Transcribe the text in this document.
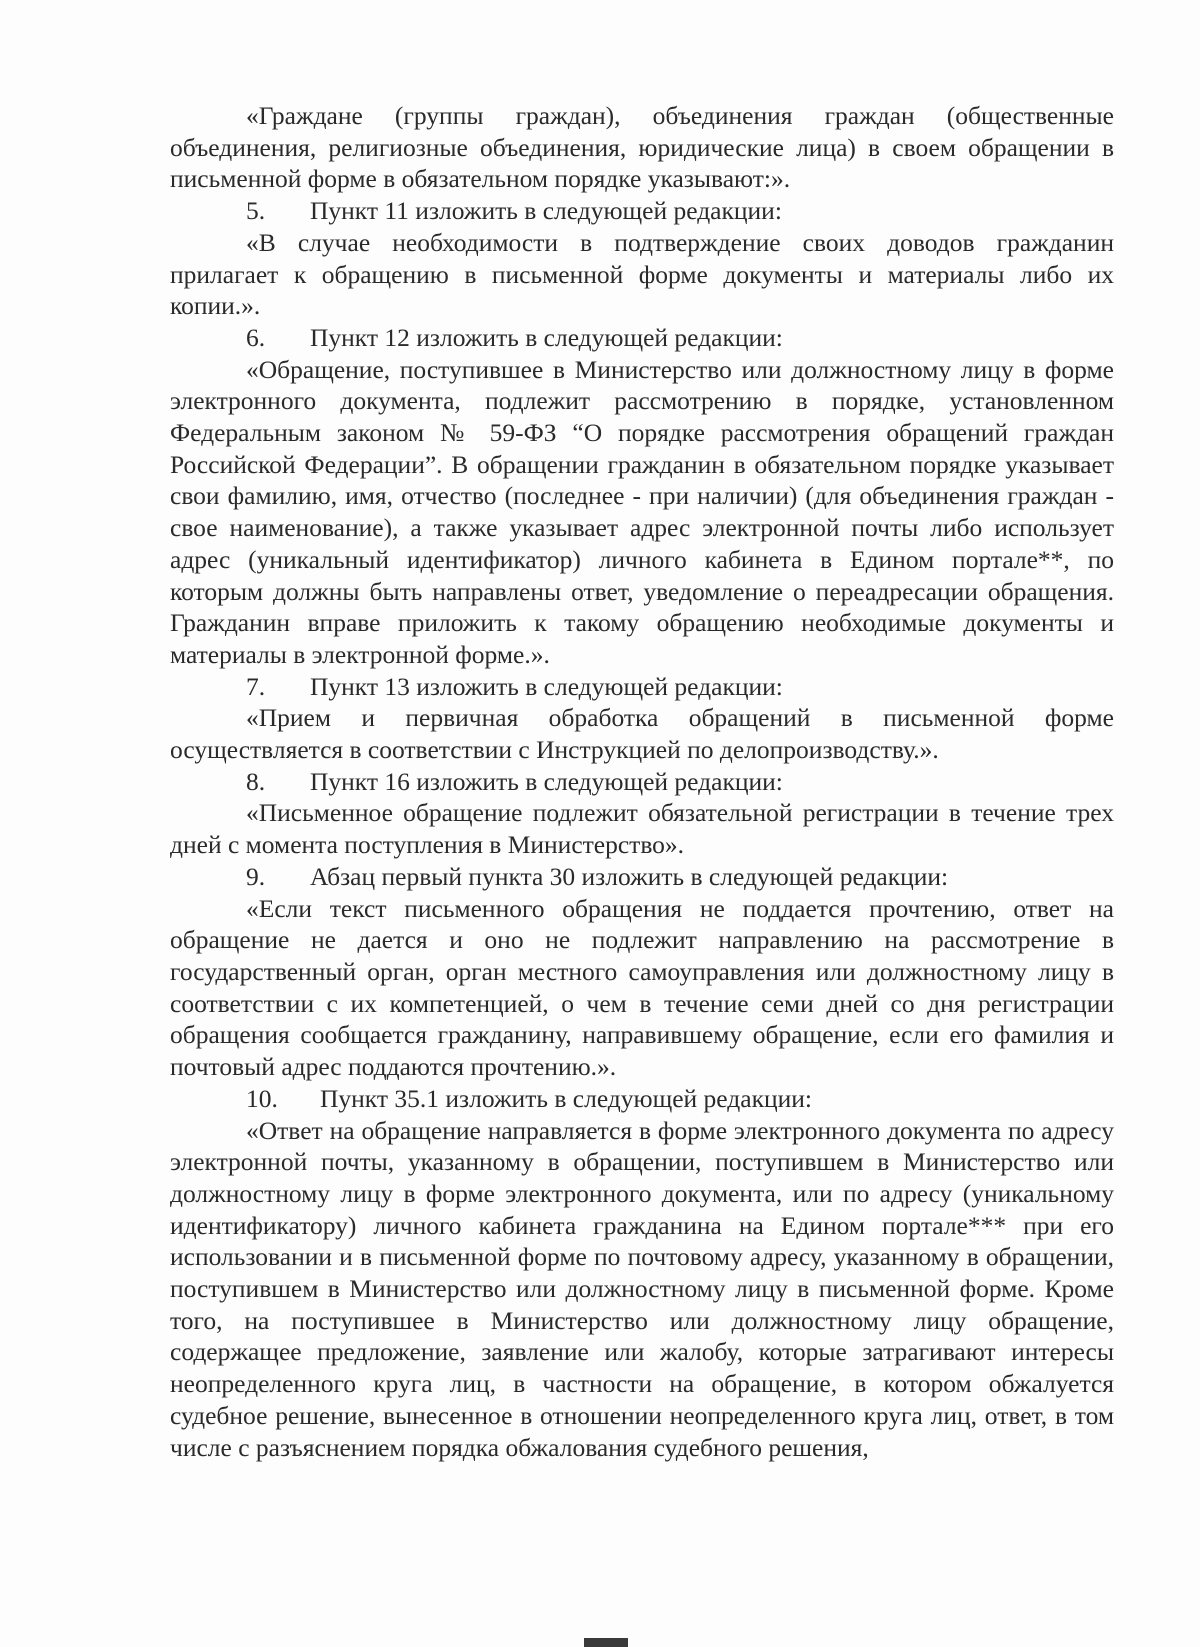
«Граждане (группы граждан), объединения граждан (общественные объединения, религиозные объединения, юридические лица) в своем обращении в письменной форме в обязательном порядке указывают:».

5. Пункт 11 изложить в следующей редакции:

«В случае необходимости в подтверждение своих доводов гражданин прилагает к обращению в письменной форме документы и материалы либо их копии.».

6. Пункт 12 изложить в следующей редакции:

«Обращение, поступившее в Министерство или должностному лицу в форме электронного документа, подлежит рассмотрению в порядке, установленном Федеральным законом № 59-ФЗ “О порядке рассмотрения обращений граждан Российской Федерации”. В обращении гражданин в обязательном порядке указывает свои фамилию, имя, отчество (последнее - при наличии) (для объединения граждан - свое наименование), а также указывает адрес электронной почты либо использует адрес (уникальный идентификатор) личного кабинета в Едином портале**, по которым должны быть направлены ответ, уведомление о переадресации обращения. Гражданин вправе приложить к такому обращению необходимые документы и материалы в электронной форме.».

7. Пункт 13 изложить в следующей редакции:

«Прием и первичная обработка обращений в письменной форме осуществляется в соответствии с Инструкцией по делопроизводству.».

8. Пункт 16 изложить в следующей редакции:

«Письменное обращение подлежит обязательной регистрации в течение трех дней с момента поступления в Министерство».

9. Абзац первый пункта 30 изложить в следующей редакции:

«Если текст письменного обращения не поддается прочтению, ответ на обращение не дается и оно не подлежит направлению на рассмотрение в государственный орган, орган местного самоуправления или должностному лицу в соответствии с их компетенцией, о чем в течение семи дней со дня регистрации обращения сообщается гражданину, направившему обращение, если его фамилия и почтовый адрес поддаются прочтению.».

10. Пункт 35.1 изложить в следующей редакции:

«Ответ на обращение направляется в форме электронного документа по адресу электронной почты, указанному в обращении, поступившем в Министерство или должностному лицу в форме электронного документа, или по адресу (уникальному идентификатору) личного кабинета гражданина на Едином портале*** при его использовании и в письменной форме по почтовому адресу, указанному в обращении, поступившем в Министерство или должностному лицу в письменной форме. Кроме того, на поступившее в Министерство или должностному лицу обращение, содержащее предложение, заявление или жалобу, которые затрагивают интересы неопределенного круга лиц, в частности на обращение, в котором обжалуется судебное решение, вынесенное в отношении неопределенного круга лиц, ответ, в том числе с разъяснением порядка обжалования судебного решения,
